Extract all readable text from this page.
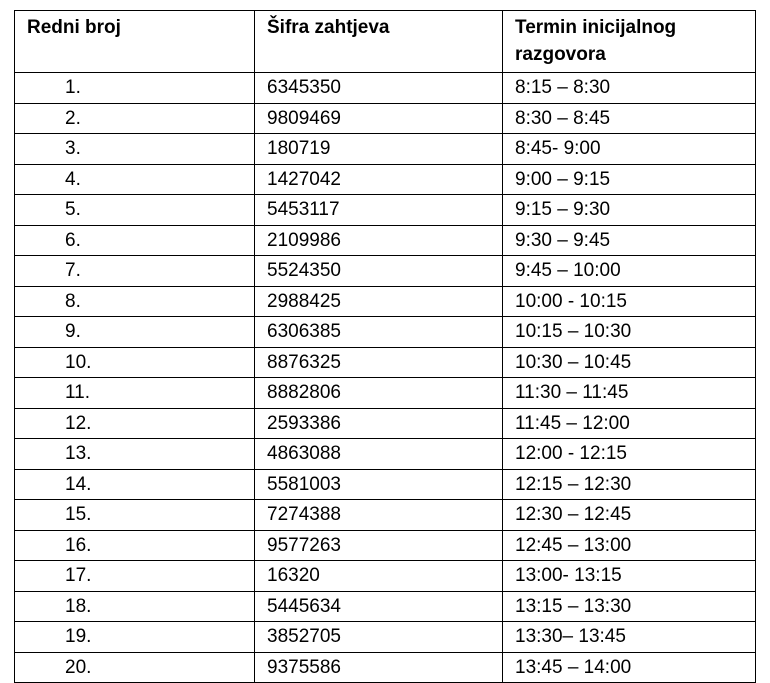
Redni broj	Šifra zahtjeva	Termin inicijalnog razgovora
1.	6345350	8:15 – 8:30
2.	9809469	8:30 – 8:45
3.	180719	8:45- 9:00
4.	1427042	9:00 – 9:15
5.	5453117	9:15 – 9:30
6.	2109986	9:30 – 9:45
7.	5524350	9:45 – 10:00
8.	2988425	10:00 - 10:15
9.	6306385	10:15 – 10:30
10.	8876325	10:30 – 10:45
11.	8882806	11:30 – 11:45
12.	2593386	11:45 – 12:00
13.	4863088	12:00 - 12:15
14.	5581003	12:15 – 12:30
15.	7274388	12:30 – 12:45
16.	9577263	12:45 – 13:00
17.	16320	13:00- 13:15
18.	5445634	13:15 – 13:30
19.	3852705	13:30– 13:45
20.	9375586	13:45 – 14:00
